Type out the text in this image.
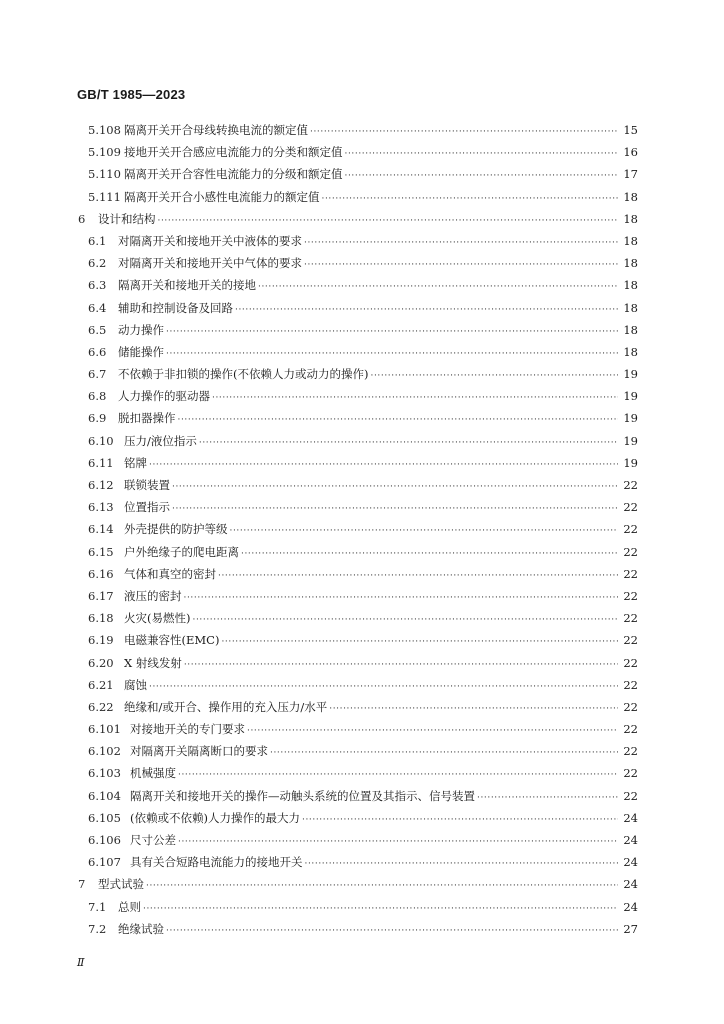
GB/T 1985—2023
5.108 隔离开关开合母线转换电流的额定值 ·····	15
5.109 接地开关开合感应电流能力的分类和额定值 ·····	16
5.110 隔离开关开合容性电流能力的分级和额定值 ·····	17
5.111 隔离开关开合小感性电流能力的额定值 ·····	18
6	设计和结构 ·····	18
6.1	对隔离开关和接地开关中液体的要求 ·····	18
6.2	对隔离开关和接地开关中气体的要求 ·····	18
6.3	隔离开关和接地开关的接地 ·····	18
6.4	辅助和控制设备及回路 ·····	18
6.5	动力操作 ·····	18
6.6	储能操作 ·····	18
6.7	不依赖于非扣锁的操作(不依赖人力或动力的操作) ·····	19
6.8	人力操作的驱动器 ·····	19
6.9	脱扣器操作 ·····	19
6.10 压力/液位指示 ·····	19
6.11 铭牌 ·····	19
6.12 联锁装置 ·····	22
6.13 位置指示 ·····	22
6.14 外壳提供的防护等级 ·····	22
6.15 户外绝缘子的爬电距离 ·····	22
6.16 气体和真空的密封 ·····	22
6.17 液压的密封 ·····	22
6.18 火灾(易燃性) ·····	22
6.19 电磁兼容性(EMC) ·····	22
6.20 X 射线发射 ·····	22
6.21 腐蚀 ·····	22
6.22 绝缘和/或开合、操作用的充入压力/水平 ·····	22
6.101 对接地开关的专门要求 ·····	22
6.102 对隔离开关隔离断口的要求 ·····	22
6.103 机械强度 ·····	22
6.104 隔离开关和接地开关的操作—动触头系统的位置及其指示、信号装置 ·····	22
6.105 (依赖或不依赖)人力操作的最大力 ·····	24
6.106 尺寸公差 ·····	24
6.107 具有关合短路电流能力的接地开关 ·····	24
7	型式试验 ·····	24
7.1	总则 ·····	24
7.2	绝缘试验 ·····	27
Ⅱ
